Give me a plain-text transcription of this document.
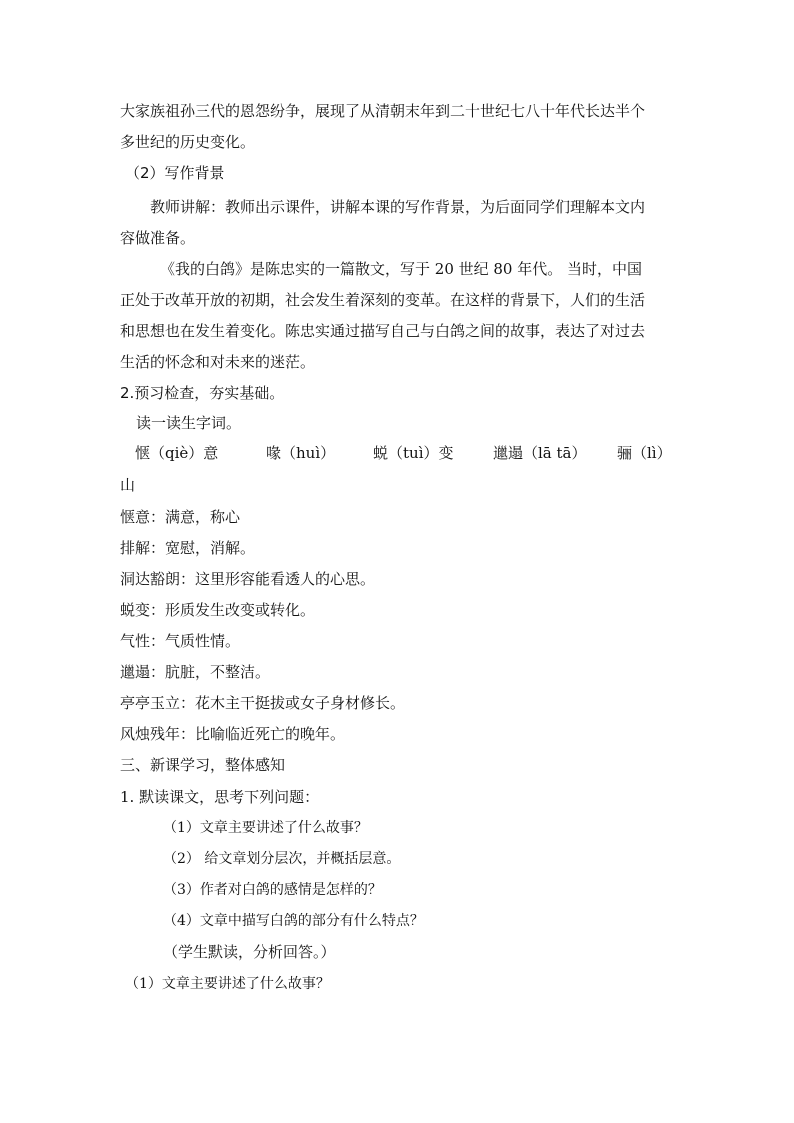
大家族祖孙三代的恩怨纷争，展现了从清朝末年到二十世纪七八十年代长达半个
多世纪的历史变化。
（2）写作背景
教师讲解：教师出示课件，讲解本课的写作背景，为后面同学们理解本文内
容做准备。
《我的白鸽》是陈忠实的一篇散文，写于 20 世纪 80 年代。 当时，中国
正处于改革开放的初期，社会发生着深刻的变革。在这样的背景下，人们的生活
和思想也在发生着变化。陈忠实通过描写自己与白鸽之间的故事，表达了对过去
生活的怀念和对未来的迷茫。
2.预习检查，夯实基础。
读一读生字词。
惬（qiè）意	喙（huì）	蜕（tuì）变	邋遢（lā tā） 骊（lì）
山
惬意：满意，称心
排解：宽慰，消解。
洞达豁朗：这里形容能看透人的心思。
蜕变：形质发生改变或转化。
气性：气质性情。
邋遢：肮脏，不整洁。
亭亭玉立：花木主干挺拔或女子身材修长。
风烛残年：比喻临近死亡的晚年。
三、新课学习，整体感知
1. 默读课文，思考下列问题：
（1）文章主要讲述了什么故事？
（2） 给文章划分层次，并概括层意。
（3）作者对白鸽的感情是怎样的？
（4）文章中描写白鸽的部分有什么特点？
（学生默读，分析回答。）
（1）文章主要讲述了什么故事？
